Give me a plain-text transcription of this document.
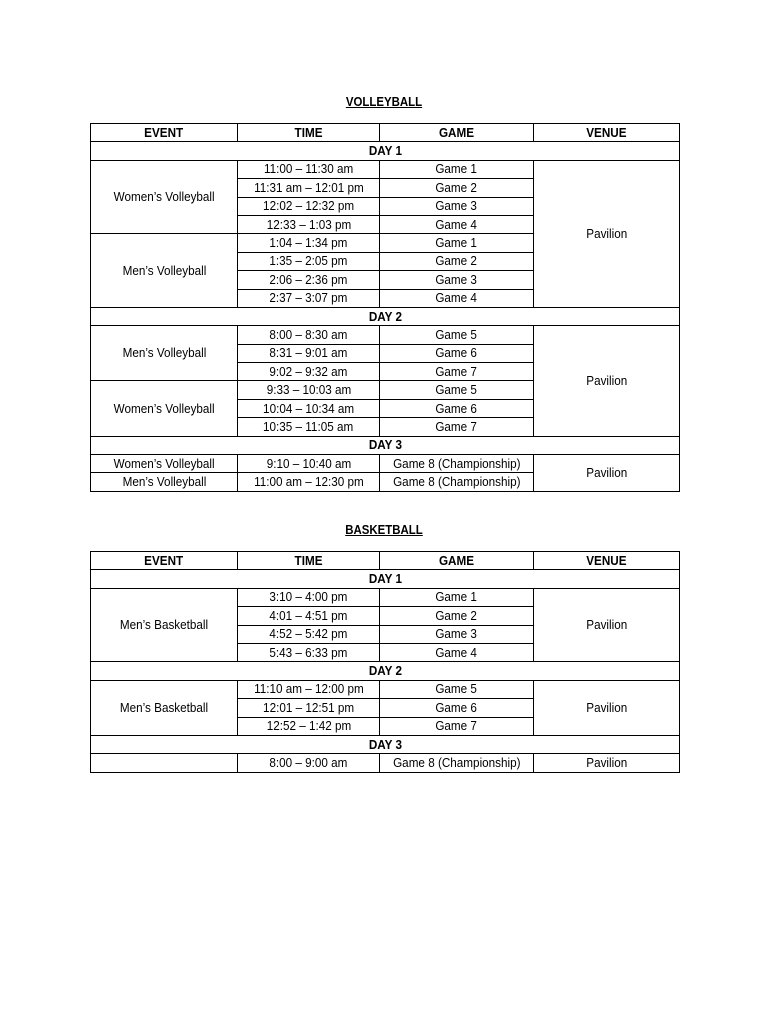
VOLLEYBALL
EVENT	TIME	GAME	VENUE
DAY 1			
Women’s Volleyball	11:00 – 11:30 am	Game 1	Pavilion
	11:31 am – 12:01 pm	Game 2	
	12:02 – 12:32 pm	Game 3	
	12:33 – 1:03 pm	Game 4	
Men’s Volleyball	1:04 – 1:34 pm	Game 1	
	1:35 – 2:05 pm	Game 2	
	2:06 – 2:36 pm	Game 3	
	2:37 – 3:07 pm	Game 4	
DAY 2			
Men’s Volleyball	8:00 – 8:30 am	Game 5	Pavilion
	8:31 – 9:01 am	Game 6	
	9:02 – 9:32 am	Game 7	
Women’s Volleyball	9:33 – 10:03 am	Game 5	
	10:04 – 10:34 am	Game 6	
	10:35 – 11:05 am	Game 7	
DAY 3			
Women’s Volleyball	9:10 – 10:40 am	Game 8 (Championship)	Pavilion
Men’s Volleyball	11:00 am – 12:30 pm	Game 8 (Championship)	
BASKETBALL
EVENT	TIME	GAME	VENUE
DAY 1			
Men’s Basketball	3:10 – 4:00 pm	Game 1	Pavilion
	4:01 – 4:51 pm	Game 2	
	4:52 – 5:42 pm	Game 3	
	5:43 – 6:33 pm	Game 4	
DAY 2			
Men’s Basketball	11:10 am – 12:00 pm	Game 5	Pavilion
	12:01 – 12:51 pm	Game 6	
	12:52 – 1:42 pm	Game 7	
DAY 3			
	8:00 – 9:00 am	Game 8 (Championship)	Pavilion
